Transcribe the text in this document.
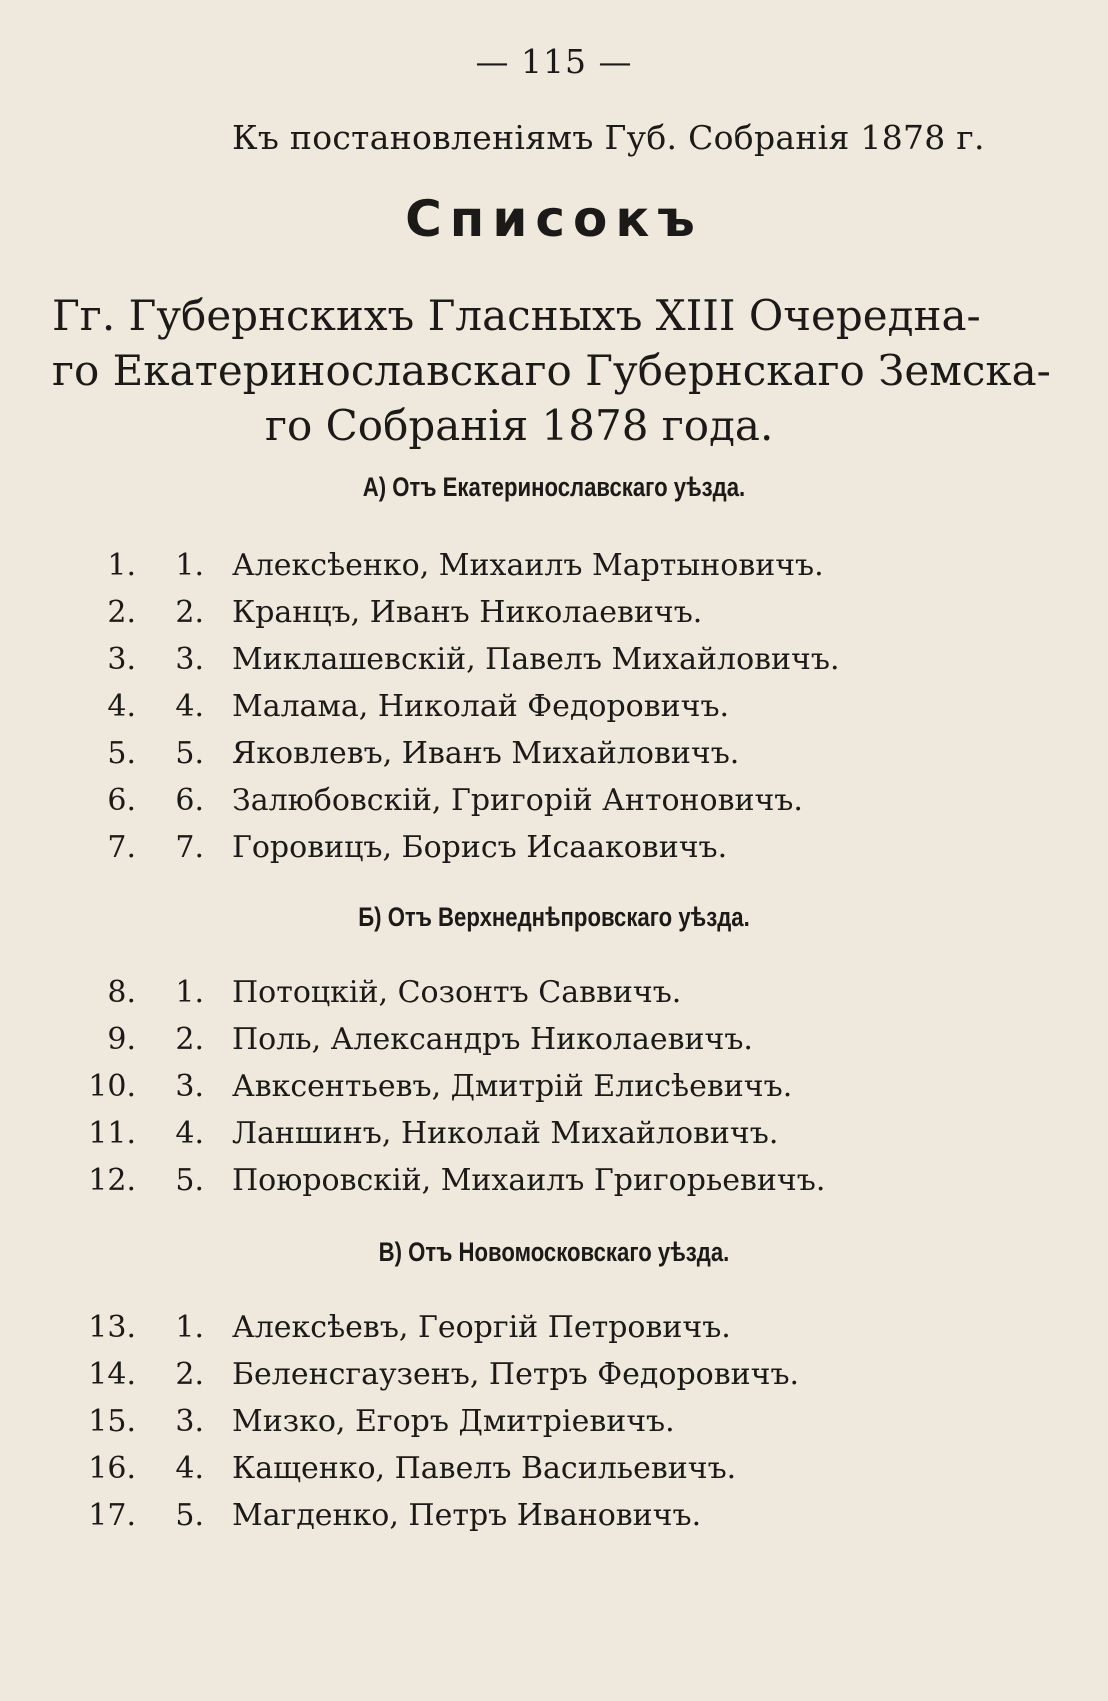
— 115 —
Къ постановленіямъ Губ. Собранія 1878 г.
Списокъ
Гг. Губернскихъ Гласныхъ XIII Очередна-
го Екатеринославскаго Губернскаго Земска-
го Собранія 1878 года.
А) Отъ Екатеринославскаго уѣзда.
Б) Отъ Верхнеднѣпровскаго уѣзда.
В) Отъ Новомосковскаго уѣзда.
1. 1. Алексѣенко, Михаилъ Мартыновичъ.
2. 2. Кранцъ, Иванъ Николаевичъ.
3. 3. Миклашевскій, Павелъ Михайловичъ.
4. 4. Малама, Николай Федоровичъ.
5. 5. Яковлевъ, Иванъ Михайловичъ.
6. 6. Залюбовскій, Григорій Антоновичъ.
7. 7. Горовицъ, Борисъ Исааковичъ.
8. 1. Потоцкій, Созонтъ Саввичъ.
9. 2. Поль, Александръ Николаевичъ.
10. 3. Авксентьевъ, Дмитрій Елисѣевичъ.
11. 4. Ланшинъ, Николай Михайловичъ.
12. 5. Поюровскій, Михаилъ Григорьевичъ.
13. 1. Алексѣевъ, Георгій Петровичъ.
14. 2. Беленсгаузенъ, Петръ Федоровичъ.
15. 3. Мизко, Егоръ Дмитріевичъ.
16. 4. Кащенко, Павелъ Васильевичъ.
17. 5. Магденко, Петръ Ивановичъ.
